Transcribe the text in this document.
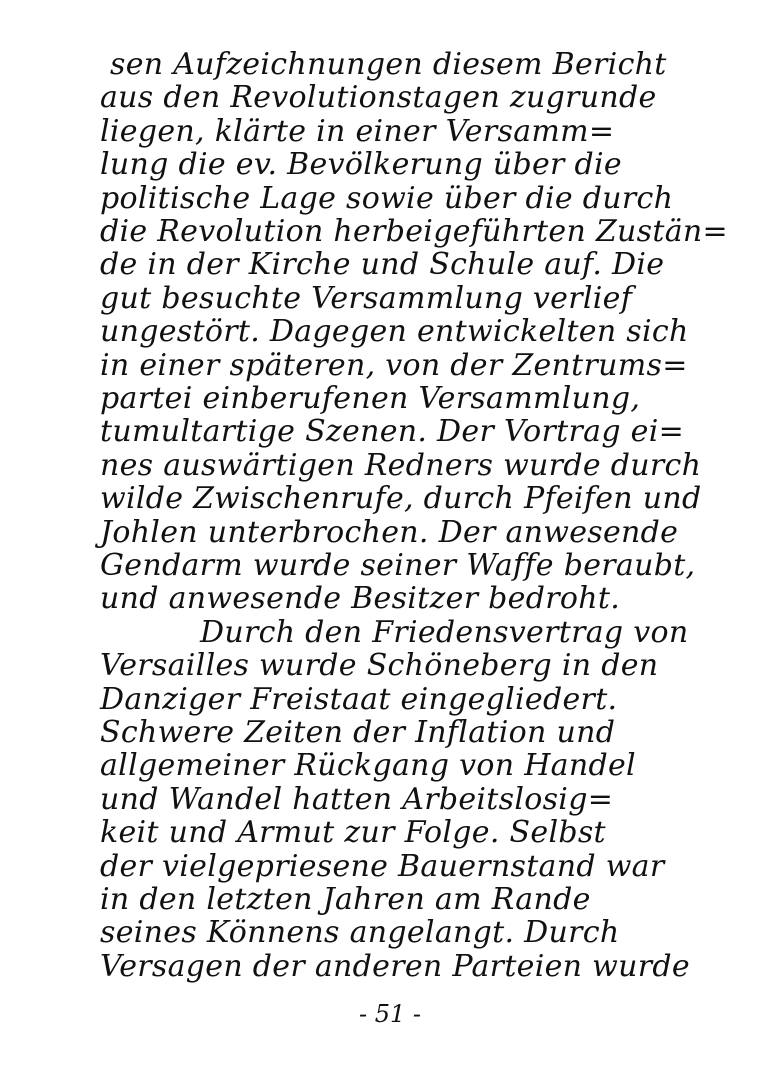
sen Aufzeichnungen diesem Bericht
aus den Revolutionstagen zugrunde
liegen, klärte in einer Versamm=
lung die ev. Bevölkerung über die
politische Lage sowie über die durch
die Revolution herbeigeführten Zustän=
de in der Kirche und Schule auf. Die
gut besuchte Versammlung verlief
ungestört. Dagegen entwickelten sich
in einer späteren, von der Zentrums=
partei einberufenen Versammlung,
tumultartige Szenen. Der Vortrag ei=
nes auswärtigen Redners wurde durch
wilde Zwischenrufe, durch Pfeifen und
Johlen unterbrochen. Der anwesende
Gendarm wurde seiner Waffe beraubt,
und anwesende Besitzer bedroht.
Durch den Friedensvertrag von
Versailles wurde Schöneberg in den
Danziger Freistaat eingegliedert.
Schwere Zeiten der Inflation und
allgemeiner Rückgang von Handel
und Wandel hatten Arbeitslosig=
keit und Armut zur Folge. Selbst
der vielgepriesene Bauernstand war
in den letzten Jahren am Rande
seines Könnens angelangt. Durch
Versagen der anderen Parteien wurde
- 51 -
